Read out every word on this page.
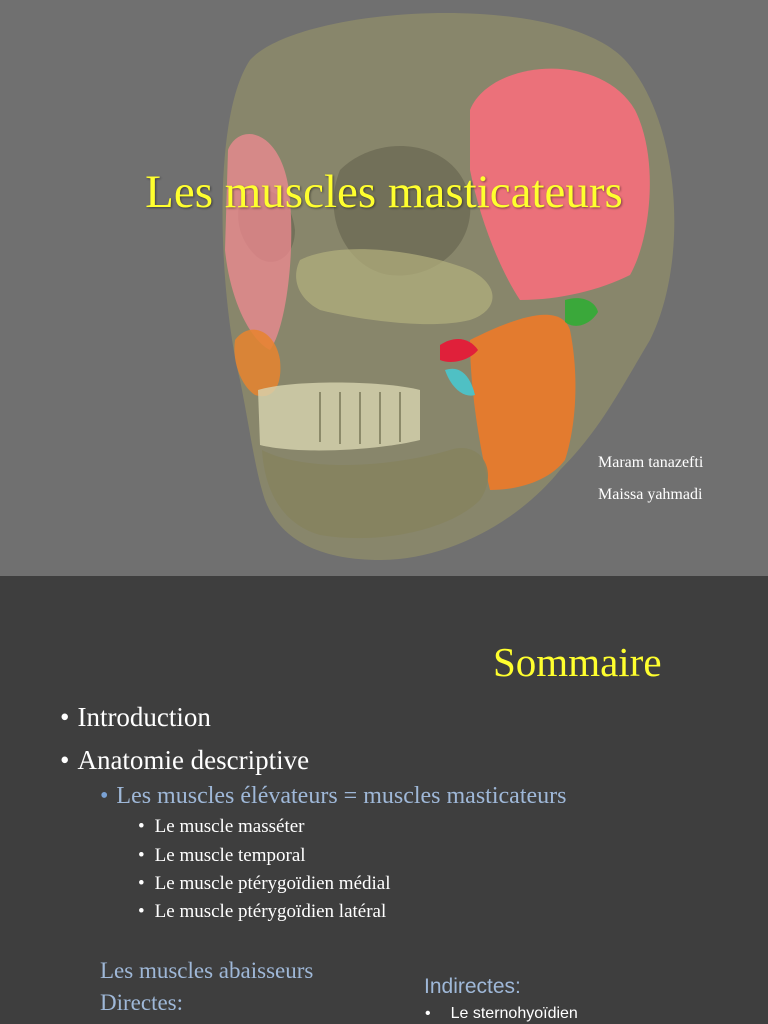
Les muscles masticateurs
Maram tanazefti
Maissa yahmadi
Sommaire
• Introduction
• Anatomie descriptive
• Les muscles élévateurs = muscles masticateurs
• Le muscle masséter
• Le muscle temporal
• Le muscle ptérygoïdien médial
• Le muscle ptérygoïdien latéral
Les muscles abaisseurs
Directes:
Indirectes:
• Le sternohyoïdien
